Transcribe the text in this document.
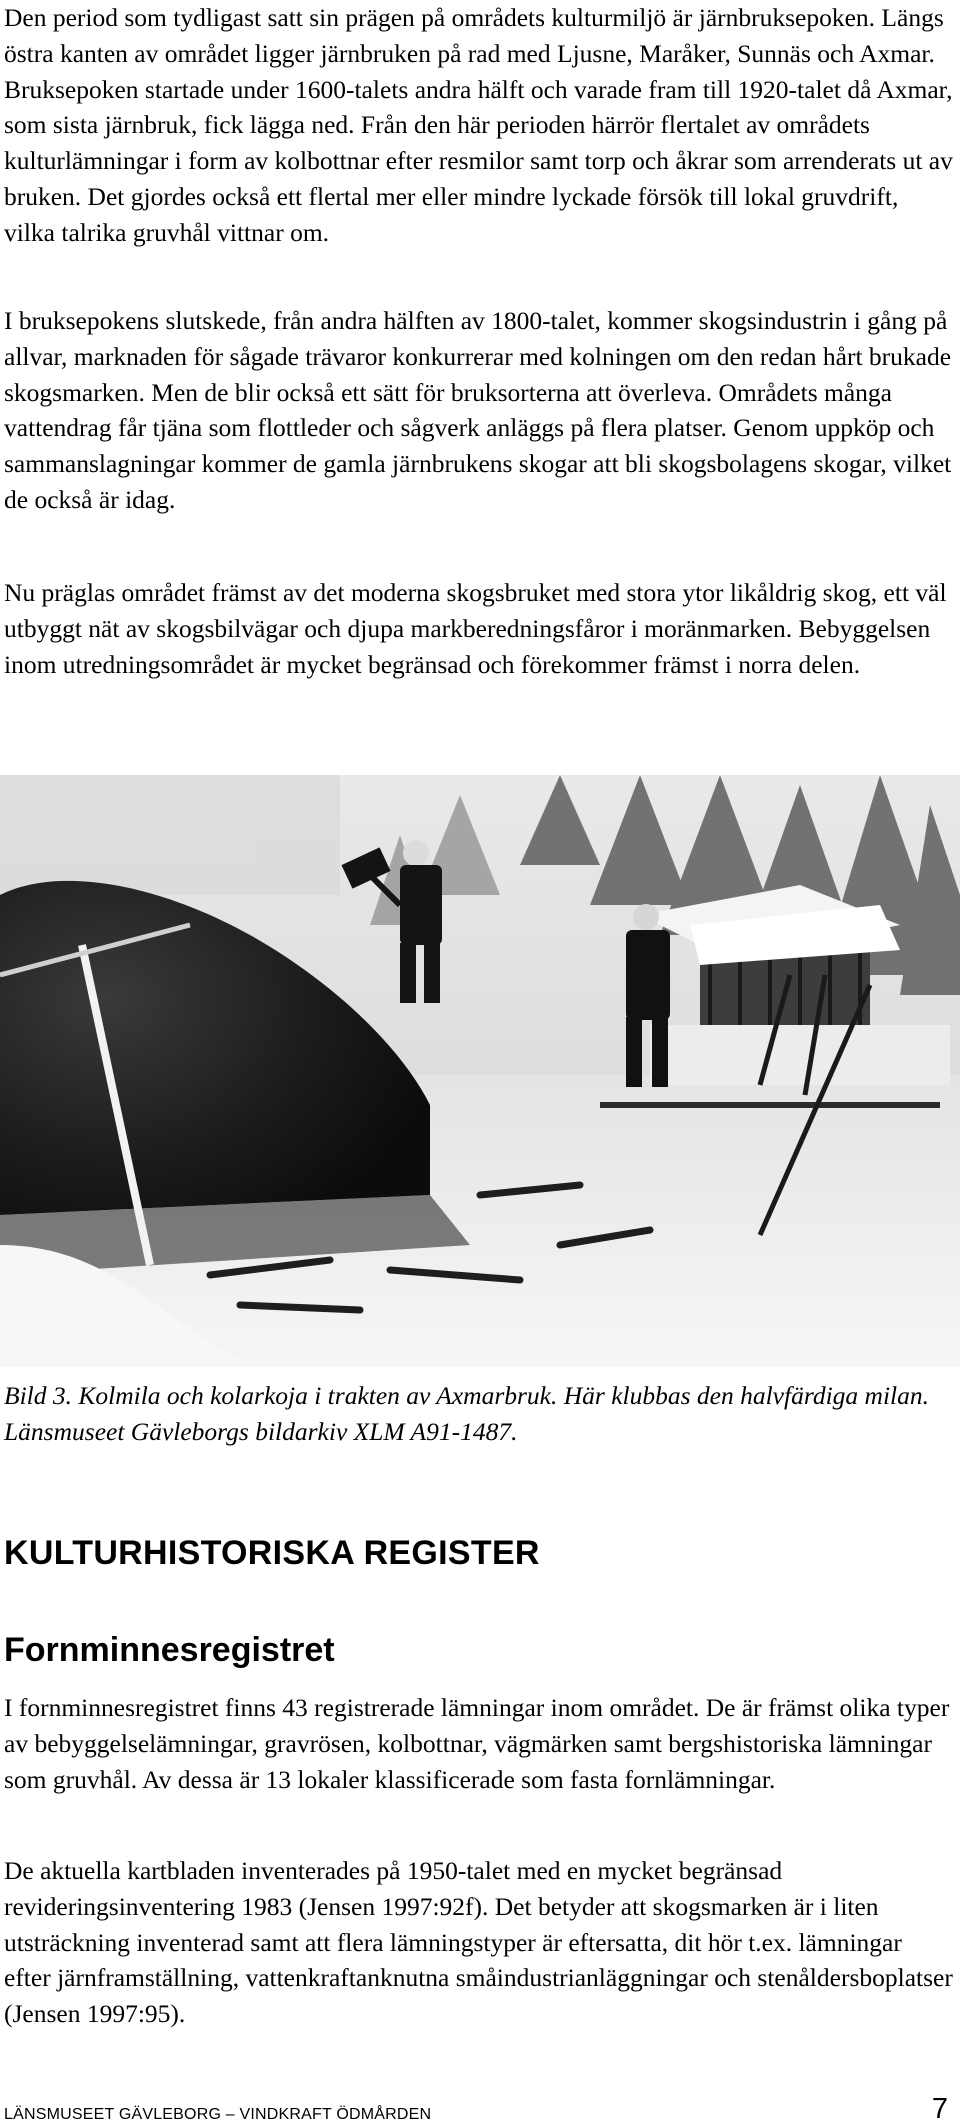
Den period som tydligast satt sin prägen på områdets kulturmiljö är järnbruksepoken. Längs östra kanten av området ligger järnbruken på rad med Ljusne, Maråker, Sunnäs och Axmar. Bruksepoken startade under 1600-talets andra hälft och varade fram till 1920-talet då Axmar, som sista järnbruk, fick lägga ned. Från den här perioden härrör flertalet av områdets kulturlämningar i form av kolbottnar efter resmilor samt torp och åkrar som arrenderats ut av bruken. Det gjordes också ett flertal mer eller mindre lyckade försök till lokal gruvdrift, vilka talrika gruvhål vittnar om.

I bruksepokens slutskede, från andra hälften av 1800-talet, kommer skogsindustrin i gång på allvar, marknaden för sågade trävaror konkurrerar med kolningen om den redan hårt brukade skogsmarken. Men de blir också ett sätt för bruksorterna att överleva. Områdets många vattendrag får tjäna som flottleder och sågverk anläggs på flera platser. Genom uppköp och sammanslagningar kommer de gamla järnbrukens skogar att bli skogsbolagens skogar, vilket de också är idag.

Nu präglas området främst av det moderna skogsbruket med stora ytor likåldrig skog, ett väl utbyggt nät av skogsbilvägar och djupa markberedningsfåror i moränmarken. Bebyggelsen inom utredningsområdet är mycket begränsad och förekommer främst i norra delen.

Bild 3. Kolmila och kolarkoja i trakten av Axmarbruk. Här klubbas den halvfärdiga milan. Länsmuseet Gävleborgs bildarkiv XLM A91-1487.

KULTURHISTORISKA REGISTER
Fornminnesregistret

I fornminnesregistret finns 43 registrerade lämningar inom området. De är främst olika typer av bebyggelselämningar, gravrösen, kolbottnar, vägmärken samt bergshistoriska lämningar som gruvhål. Av dessa är 13 lokaler klassificerade som fasta fornlämningar.

De aktuella kartbladen inventerades på 1950-talet med en mycket begränsad revideringsinventering 1983 (Jensen 1997:92f). Det betyder att skogsmarken är i liten utsträckning inventerad samt att flera lämningstyper är eftersatta, dit hör t.ex. lämningar efter järnframställning, vattenkraftanknutna småindustrianläggningar och stenåldersboplatser (Jensen 1997:95).

LÄNSMUSEET GÄVLEBORG – VINDKRAFT ÖDMÅRDEN	7
